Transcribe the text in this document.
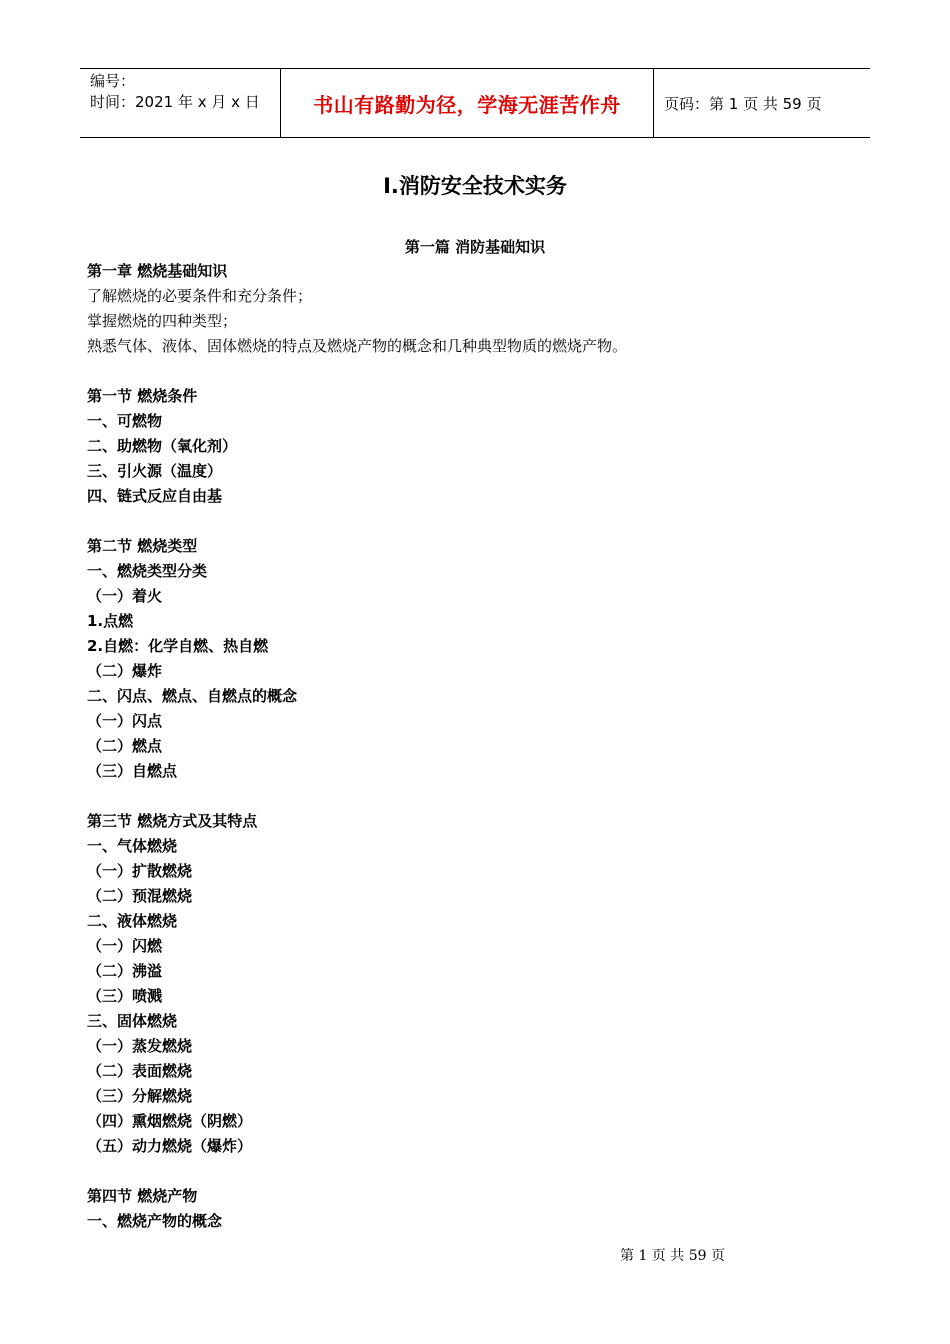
编号：
时间：2021 年 x 月 x 日	书山有路勤为径，学海无涯苦作舟	页码：第 1 页 共 59 页
Ⅰ.消防安全技术实务
第一篇 消防基础知识
第一章 燃烧基础知识
了解燃烧的必要条件和充分条件；
掌握燃烧的四种类型；
熟悉气体、液体、固体燃烧的特点及燃烧产物的概念和几种典型物质的燃烧产物。
第一节 燃烧条件
一、可燃物
二、助燃物（氧化剂）
三、引火源（温度）
四、链式反应自由基
第二节 燃烧类型
一、燃烧类型分类
（一）着火
1.点燃
2.自燃：化学自燃、热自燃
（二）爆炸
二、闪点、燃点、自燃点的概念
（一）闪点
（二）燃点
（三）自燃点
第三节 燃烧方式及其特点
一、气体燃烧
（一）扩散燃烧
（二）预混燃烧
二、液体燃烧
（一）闪燃
（二）沸溢
（三）喷溅
三、固体燃烧
（一）蒸发燃烧
（二）表面燃烧
（三）分解燃烧
（四）熏烟燃烧（阴燃）
（五）动力燃烧（爆炸）
第四节 燃烧产物
一、燃烧产物的概念
第 1 页 共 59 页
